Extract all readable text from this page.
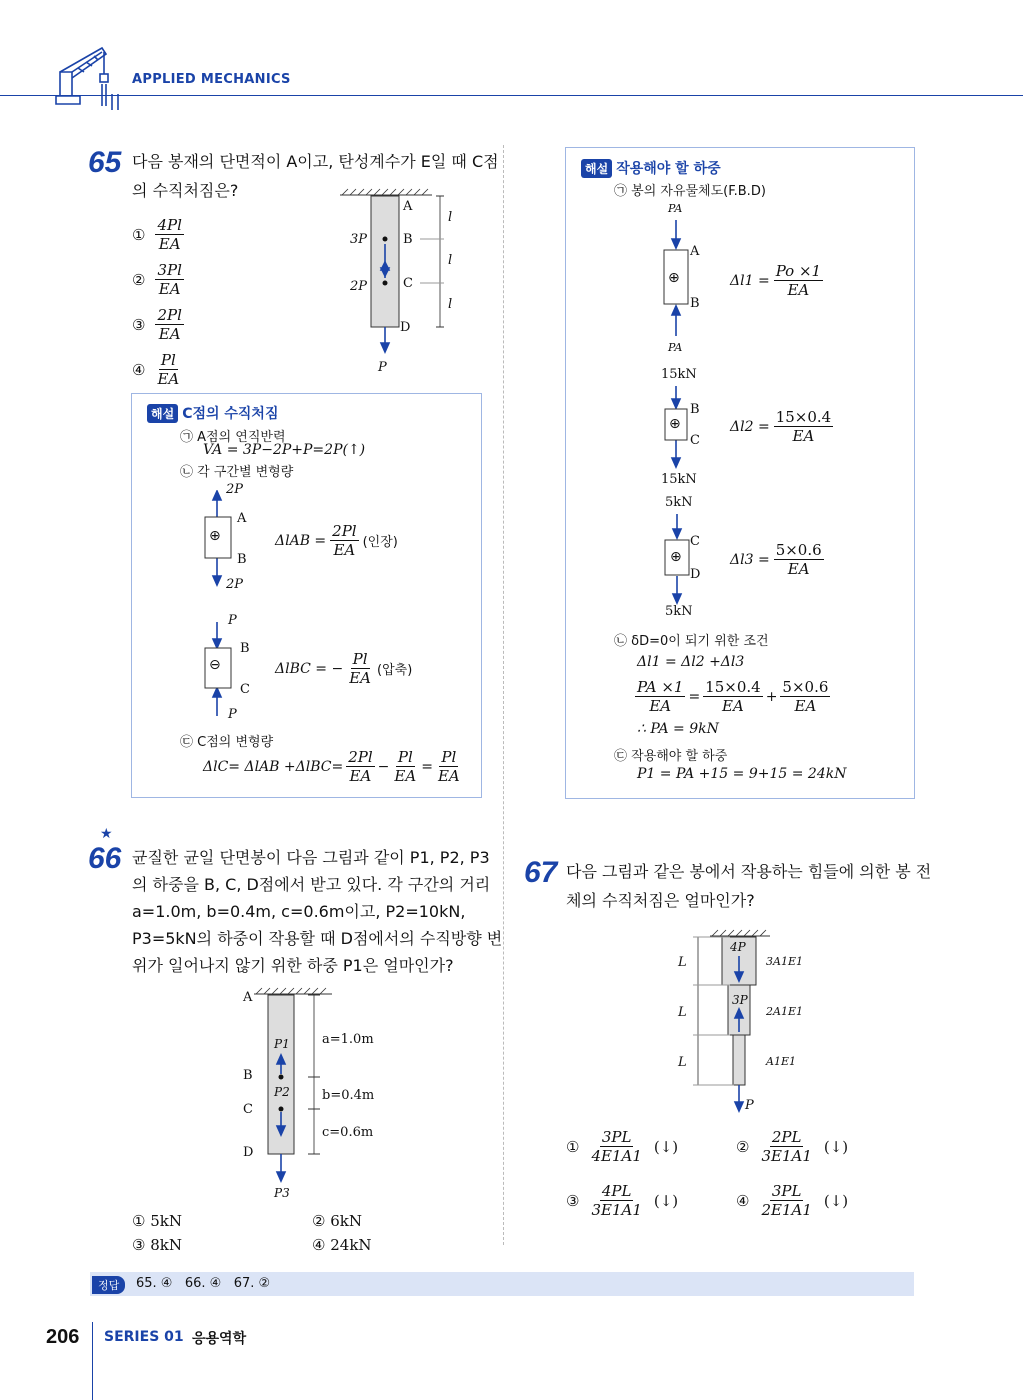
APPLIED MECHANICS
65 다음 봉재의 단면적이 A이고, 탄성계수가 E일 때 C점
의 수직처짐은?
① $\frac{4Pl}{EA}$
② $\frac{3Pl}{EA}$
③ $\frac{2Pl}{EA}$
④ $\frac{Pl}{EA}$
A
B
C
D
l
l
l
3P
2P
P
해설 C점의 수직처짐
㉠ A점의 연직반력
VA = 3P−2P+P=2P(↑)
㉡ 각 구간별 변형량
⊕
2P
2P
A
B
$\Delta lAB = \frac{2Pl}{EA}$ (인장)
⊖
P
P
B
C
ΔlBC = − $\frac{Pl}{EA}$ (압축)
㉢ C점의 변형량
$\Delta lC= \Delta lAB +\Delta lBC= \frac{2Pl}{EA} - \frac{Pl}{EA} = \frac{Pl}{EA}$
해설 작용해야 할 하중
㉠ 봉의 자유물체도(F.B.D)
⊕
PA
PA
A
B
$\Delta l1 = \frac{Po \times 1}{EA}$
15kN
⊕
15kN
B
C
$\Delta l2 = \frac{15\times 0.4}{EA}$
5kN
⊕
5kN
C
D
$\Delta l3 = \frac{5\times 0.6}{EA}$
㉡ δD=0이 되기 위한 조건
Δl1 = Δl2 +Δl3
$\frac{PA \times 1}{EA} = \frac{15\times 0.4}{EA} + \frac{5\times 0.6}{EA}$
∴ PA = 9kN
㉢ 작용해야 할 하중
P1 = PA +15 = 9+15 = 24kN
★
66 균질한 균일 단면봉이 다음 그림과 같이 P1, P2, P3
의 하중을 B, C, D점에서 받고 있다. 각 구간의 거리
a=1.0m, b=0.4m, c=0.6m이고, P2=10kN,
P3=5kN의 하중이 작용할 때 D점에서의 수직방향 변
위가 일어나지 않기 위한 하중 P1은 얼마인가?
A
B
C
D
P1
P2
P3
a=1.0m
b=0.4m
c=0.6m
① 5kN	② 6kN
③ 8kN	④ 24kN
67 다음 그림과 같은 봉에서 작용하는 힘들에 의한 봉 전
체의 수직처짐은 얼마인가?
L
L
L
4P
3P
P
3A1E1
2A1E1
A1E1
① $\frac{3PL}{4E1A1}$ (↓)	② $\frac{2PL}{3E1A1}$ (↓)
③ $\frac{4PL}{3E1A1}$ (↓)	④ $\frac{3PL}{2E1A1}$ (↓)
정답	65. ④   66. ④   67. ②
206 SERIES 01 응용역학
